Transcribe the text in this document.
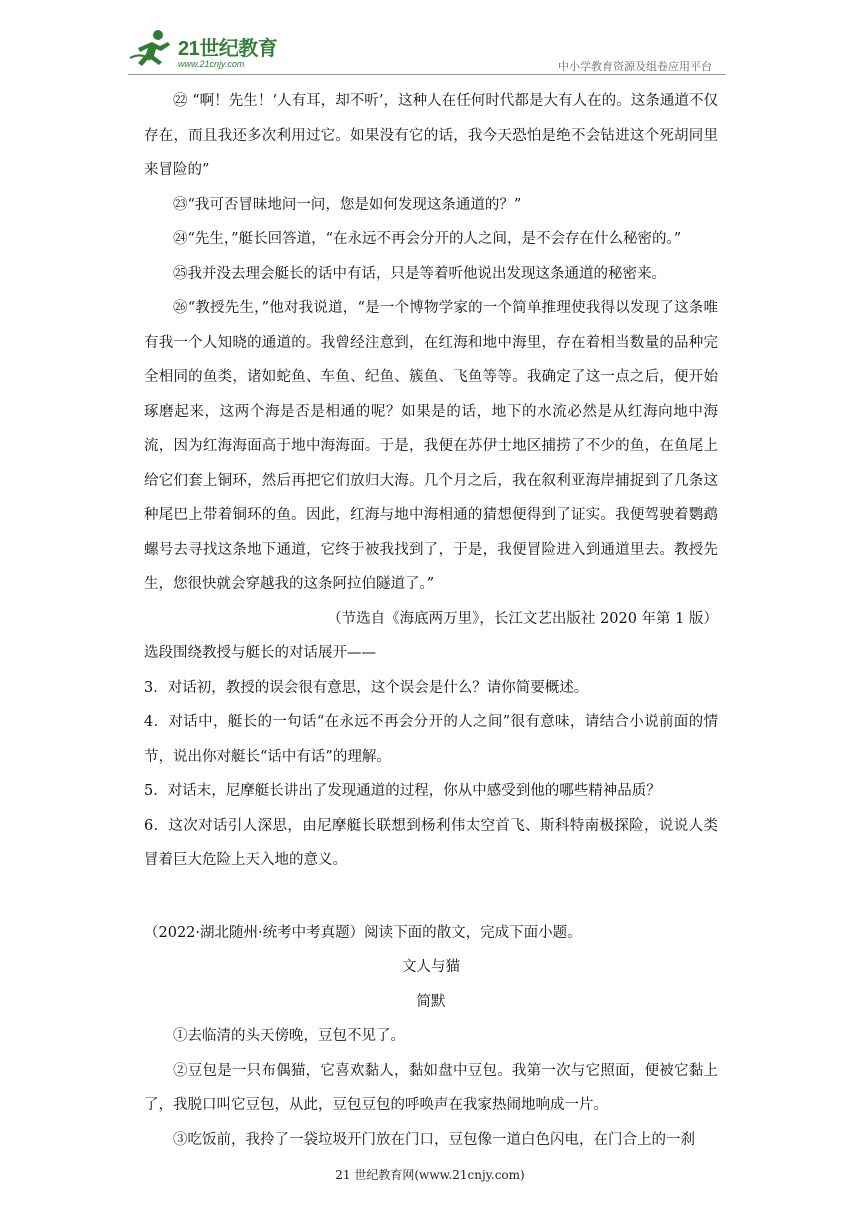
21世纪教育
www.21cnjy.com	中小学教育资源及组卷应用平台

㉒ “啊！先生！‘人有耳，却不听’，这种人在任何时代都是大有人在的。这条通道不仅存在，而且我还多次利用过它。如果没有它的话，我今天恐怕是绝不会钻进这个死胡同里来冒险的”

㉓“我可否冒昧地问一问，您是如何发现这条通道的？”

㉔“先生，”艇长回答道，“在永远不再会分开的人之间，是不会存在什么秘密的。”

㉕我并没去理会艇长的话中有话，只是等着听他说出发现这条通道的秘密来。

㉖“教授先生，”他对我说道，“是一个博物学家的一个简单推理使我得以发现了这条唯有我一个人知晓的通道的。我曾经注意到，在红海和地中海里，存在着相当数量的品种完全相同的鱼类，诸如蛇鱼、车鱼、纪鱼、簇鱼、飞鱼等等。我确定了这一点之后，便开始琢磨起来，这两个海是否是相通的呢？如果是的话，地下的水流必然是从红海向地中海流，因为红海海面高于地中海海面。于是，我便在苏伊士地区捕捞了不少的鱼，在鱼尾上给它们套上铜环，然后再把它们放归大海。几个月之后，我在叙利亚海岸捕捉到了几条这种尾巴上带着铜环的鱼。因此，红海与地中海相通的猜想便得到了证实。我便驾驶着鹦鹉螺号去寻找这条地下通道，它终于被我找到了，于是，我便冒险进入到通道里去。教授先生，您很快就会穿越我的这条阿拉伯隧道了。”

（节选自《海底两万里》，长江文艺出版社 2020 年第 1 版）

选段围绕教授与艇长的对话展开——

3．对话初，教授的误会很有意思，这个误会是什么？请你简要概述。

4．对话中，艇长的一句话“在永远不再会分开的人之间”很有意味，请结合小说前面的情节，说出你对艇长“话中有话”的理解。

5．对话末，尼摩艇长讲出了发现通道的过程，你从中感受到他的哪些精神品质？

6．这次对话引人深思，由尼摩艇长联想到杨利伟太空首飞、斯科特南极探险，说说人类冒着巨大危险上天入地的意义。

（2022·湖北随州·统考中考真题）阅读下面的散文，完成下面小题。

文人与猫

简默

①去临清的头天傍晚，豆包不见了。

②豆包是一只布偶猫，它喜欢黏人，黏如盘中豆包。我第一次与它照面，便被它黏上了，我脱口叫它豆包，从此，豆包豆包的呼唤声在我家热闹地响成一片。

③吃饭前，我拎了一袋垃圾开门放在门口，豆包像一道白色闪电，在门合上的一刹

21 世纪教育网(www.21cnjy.com)
